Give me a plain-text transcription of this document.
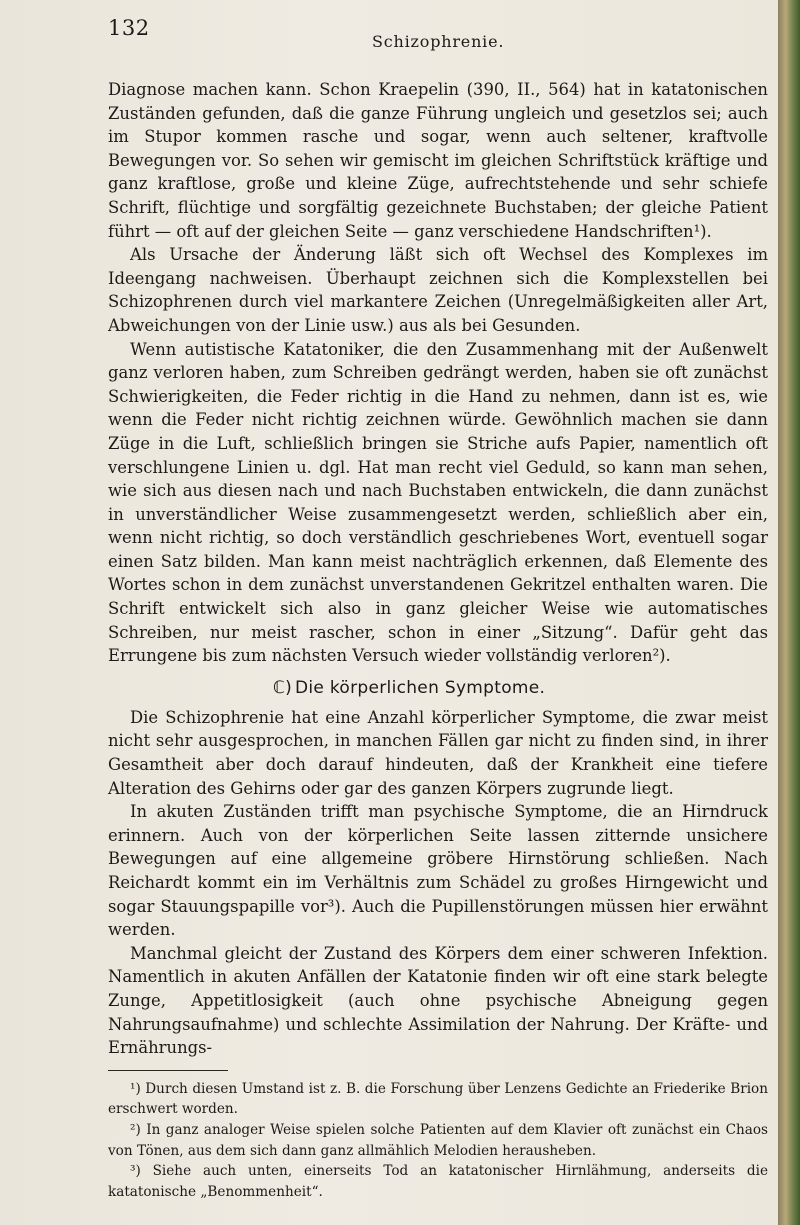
132
Schizophrenie.

Diagnose machen kann. Schon Kraepelin (390, II., 564) hat in katatonischen Zuständen gefunden, daß die ganze Führung ungleich und gesetzlos sei; auch im Stupor kommen rasche und sogar, wenn auch seltener, kraftvolle Bewegungen vor. So sehen wir gemischt im gleichen Schriftstück kräftige und ganz kraftlose, große und kleine Züge, aufrechtstehende und sehr schiefe Schrift, flüchtige und sorgfältig gezeichnete Buchstaben; der gleiche Patient führt — oft auf der gleichen Seite — ganz verschiedene Handschriften¹).

Als Ursache der Änderung läßt sich oft Wechsel des Komplexes im Ideengang nachweisen. Überhaupt zeichnen sich die Komplexstellen bei Schizophrenen durch viel markantere Zeichen (Unregelmäßigkeiten aller Art, Abweichungen von der Linie usw.) aus als bei Gesunden.

Wenn autistische Katatoniker, die den Zusammenhang mit der Außenwelt ganz verloren haben, zum Schreiben gedrängt werden, haben sie oft zunächst Schwierigkeiten, die Feder richtig in die Hand zu nehmen, dann ist es, wie wenn die Feder nicht richtig zeichnen würde. Gewöhnlich machen sie dann Züge in die Luft, schließlich bringen sie Striche aufs Papier, namentlich oft verschlungene Linien u. dgl. Hat man recht viel Geduld, so kann man sehen, wie sich aus diesen nach und nach Buchstaben entwickeln, die dann zunächst in unverständlicher Weise zusammengesetzt werden, schließlich aber ein, wenn nicht richtig, so doch verständlich geschriebenes Wort, eventuell sogar einen Satz bilden. Man kann meist nachträglich erkennen, daß Elemente des Wortes schon in dem zunächst unverstandenen Gekritzel enthalten waren. Die Schrift entwickelt sich also in ganz gleicher Weise wie automatisches Schreiben, nur meist rascher, schon in einer „Sitzung“. Dafür geht das Errungene bis zum nächsten Versuch wieder vollständig verloren²).

ℂ) Die körperlichen Symptome.

Die Schizophrenie hat eine Anzahl körperlicher Symptome, die zwar meist nicht sehr ausgesprochen, in manchen Fällen gar nicht zu finden sind, in ihrer Gesamtheit aber doch darauf hindeuten, daß der Krankheit eine tiefere Alteration des Gehirns oder gar des ganzen Körpers zugrunde liegt.

In akuten Zuständen trifft man psychische Symptome, die an Hirndruck erinnern. Auch von der körperlichen Seite lassen zitternde unsichere Bewegungen auf eine allgemeine gröbere Hirnstörung schließen. Nach Reichardt kommt ein im Verhältnis zum Schädel zu großes Hirngewicht und sogar Stauungspapille vor³). Auch die Pupillenstörungen müssen hier erwähnt werden.

Manchmal gleicht der Zustand des Körpers dem einer schweren Infektion. Namentlich in akuten Anfällen der Katatonie finden wir oft eine stark belegte Zunge, Appetitlosigkeit (auch ohne psychische Abneigung gegen Nahrungsaufnahme) und schlechte Assimilation der Nahrung. Der Kräfte- und Ernährungs-

¹) Durch diesen Umstand ist z. B. die Forschung über Lenzens Gedichte an Friederike Brion erschwert worden.

²) In ganz analoger Weise spielen solche Patienten auf dem Klavier oft zunächst ein Chaos von Tönen, aus dem sich dann ganz allmählich Melodien herausheben.

³) Siehe auch unten, einerseits Tod an katatonischer Hirnlähmung, anderseits die katatonische „Benommenheit“.
